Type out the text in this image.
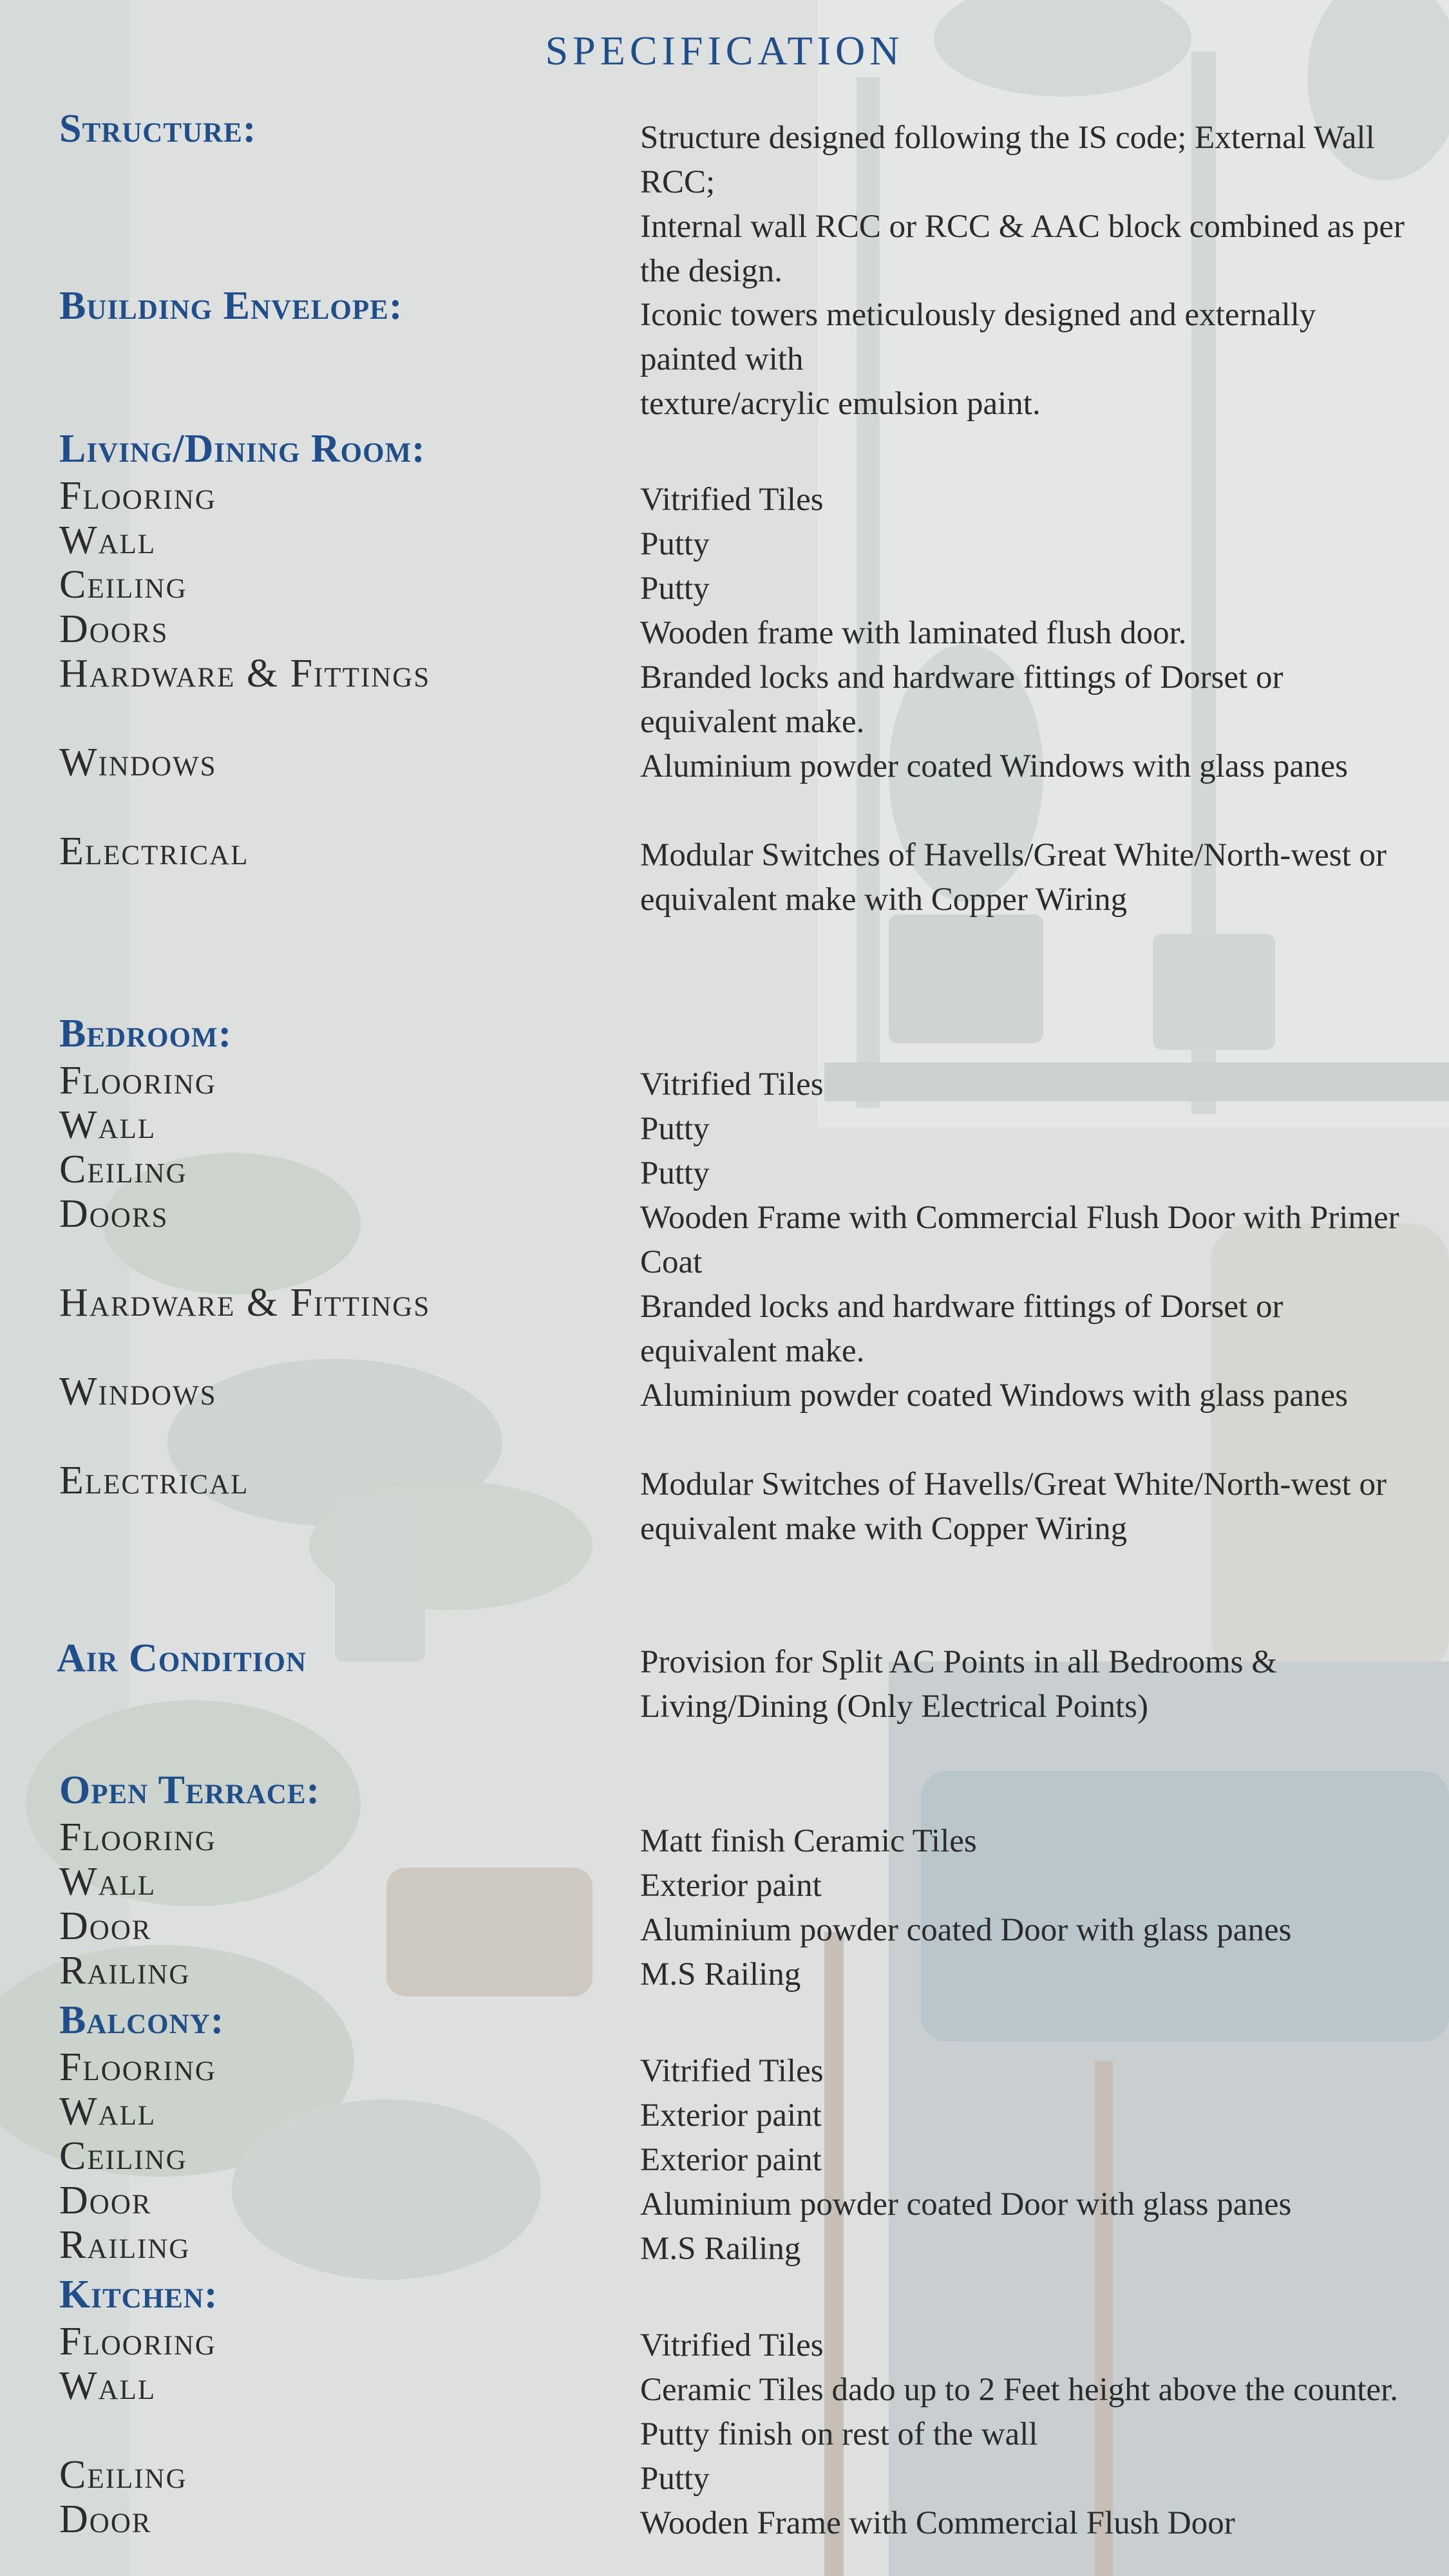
SPECIFICATION
Structure:	Structure designed following the IS code; External Wall RCC;
Internal wall RCC or RCC & AAC block combined as per the design.
Building Envelope:	Iconic towers meticulously designed and externally painted with
texture/acrylic emulsion paint.
Living/Dining Room:
Flooring	Vitrified Tiles
Wall	Putty
Ceiling	Putty
Doors	Wooden frame with laminated flush door.
Hardware & Fittings	Branded locks and hardware fittings of Dorset or equivalent make.
Windows	Aluminium powder coated Windows with glass panes
Electrical	Modular Switches of Havells/Great White/North-west or equivalent make with Copper Wiring
Bedroom:
Flooring	Vitrified Tiles
Wall	Putty
Ceiling	Putty
Doors	Wooden Frame with Commercial Flush Door with Primer Coat
Hardware & Fittings	Branded locks and hardware fittings of Dorset or equivalent make.
Windows	Aluminium powder coated Windows with glass panes
Electrical	Modular Switches of Havells/Great White/North-west or equivalent make with Copper Wiring
Air Condition	Provision for Split AC Points in all Bedrooms & Living/Dining (Only Electrical Points)
Open Terrace:
Flooring	Matt finish Ceramic Tiles
Wall	Exterior paint
Door	Aluminium powder coated Door with glass panes
Railing	M.S Railing
Balcony:
Flooring	Vitrified Tiles
Wall	Exterior paint
Ceiling	Exterior paint
Door	Aluminium powder coated Door with glass panes
Railing	M.S Railing
Kitchen:
Flooring	Vitrified Tiles
Wall	Ceramic Tiles dado up to 2 Feet height above the counter. Putty finish on rest of the wall
Ceiling	Putty
Door	Wooden Frame with Commercial Flush Door
